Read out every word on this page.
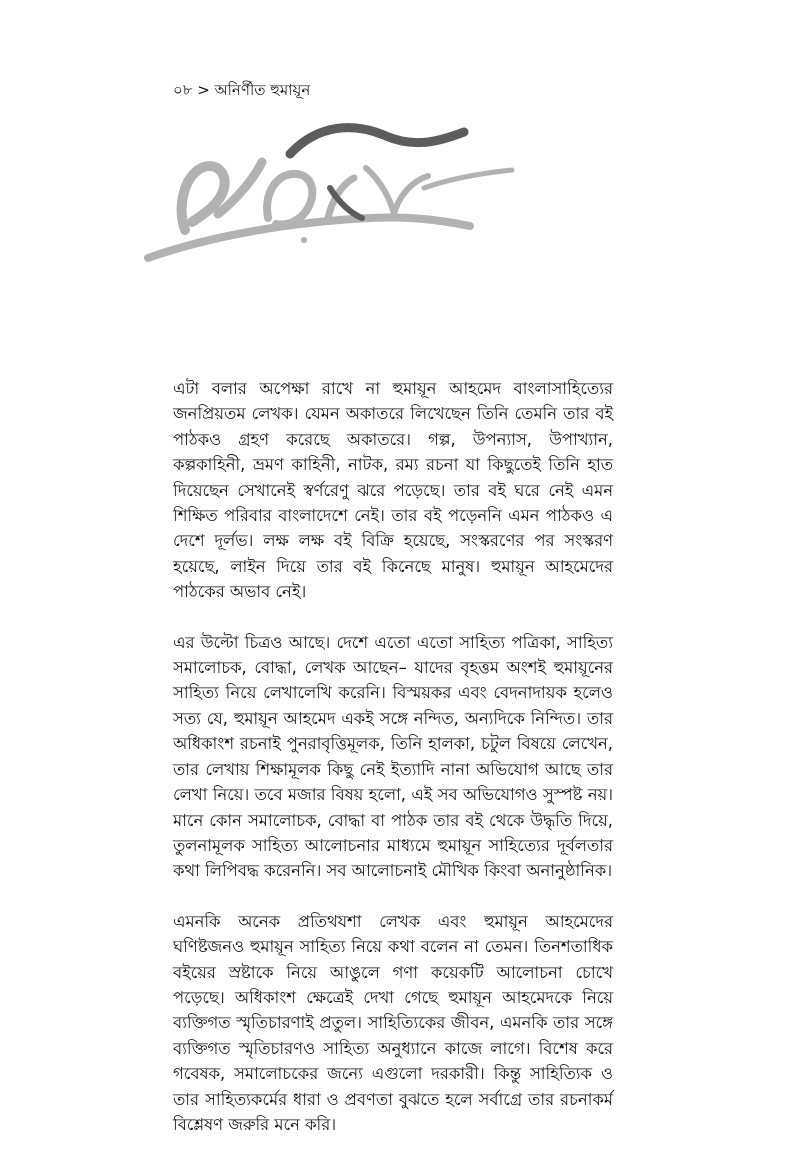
০৮ > অনির্ণীত হুমায়ূন

এটা বলার অপেক্ষা রাখে না হুমায়ূন আহমেদ বাংলাসাহিত্যের জনপ্রিয়তম লেখক। যেমন অকাতরে লিখেছেন তিনি তেমনি তার বই পাঠকও গ্রহণ করেছে অকাতরে। গল্প, উপন্যাস, উপাখ্যান, কল্পকাহিনী, ভ্রমণ কাহিনী, নাটক, রম্য রচনা যা কিছুতেই তিনি হাত দিয়েছেন সেখানেই স্বর্ণরেণু ঝরে পড়েছে। তার বই ঘরে নেই এমন শিক্ষিত পরিবার বাংলাদেশে নেই। তার বই পড়েননি এমন পাঠকও এ দেশে দূর্লভ। লক্ষ লক্ষ বই বিক্রি হয়েছে, সংস্করণের পর সংস্করণ হয়েছে, লাইন দিয়ে তার বই কিনেছে মানুষ। হুমায়ূন আহমেদের পাঠকের অভাব নেই।

এর উল্টো চিত্রও আছে। দেশে এতো এতো সাহিত্য পত্রিকা, সাহিত্য সমালোচক, বোদ্ধা, লেখক আছেন– যাদের বৃহত্তম অংশই হুমায়ূনের সাহিত্য নিয়ে লেখালেখি করেনি। বিস্ময়কর এবং বেদনাদায়ক হলেও সত্য যে, হুমায়ূন আহমেদ একই সঙ্গে নন্দিত, অন্যদিকে নিন্দিত। তার অধিকাংশ রচনাই পুনরাবৃত্তিমূলক, তিনি হালকা, চটুল বিষয়ে লেখেন, তার লেখায় শিক্ষামূলক কিছু নেই ইত্যাদি নানা অভিযোগ আছে তার লেখা নিয়ে। তবে মজার বিষয় হলো, এই সব অভিযোগও সুস্পষ্ট নয়। মানে কোন সমালোচক, বোদ্ধা বা পাঠক তার বই থেকে উদ্ধৃতি দিয়ে, তুলনামূলক সাহিত্য আলোচনার মাধ্যমে হুমায়ূন সাহিত্যের দূর্বলতার কথা লিপিবদ্ধ করেননি। সব আলোচনাই মৌখিক কিংবা অনানুষ্ঠানিক।

এমনকি অনেক প্রতিথযশা লেখক এবং হুমায়ূন আহমেদের ঘণিষ্টজনও হুমায়ূন সাহিত্য নিয়ে কথা বলেন না তেমন। তিনশতাধিক বইয়ের স্রষ্টাকে নিয়ে আঙুলে গণা কয়েকটি আলোচনা চোখে পড়েছে। অধিকাংশ ক্ষেত্রেই দেখা গেছে হুমায়ূন আহমেদকে নিয়ে ব্যক্তিগত স্মৃতিচারণাই প্রতুল। সাহিত্যিকের জীবন, এমনকি তার সঙ্গে ব্যক্তিগত স্মৃতিচারণও সাহিত্য অনুধ্যানে কাজে লাগে। বিশেষ করে গবেষক, সমালোচকের জন্যে এগুলো দরকারী। কিন্তু সাহিত্যিক ও তার সাহিত্যকর্মের ধারা ও প্রবণতা বুঝতে হলে সর্বাগ্রে তার রচনাকর্ম বিশ্লেষণ জরুরি মনে করি।
